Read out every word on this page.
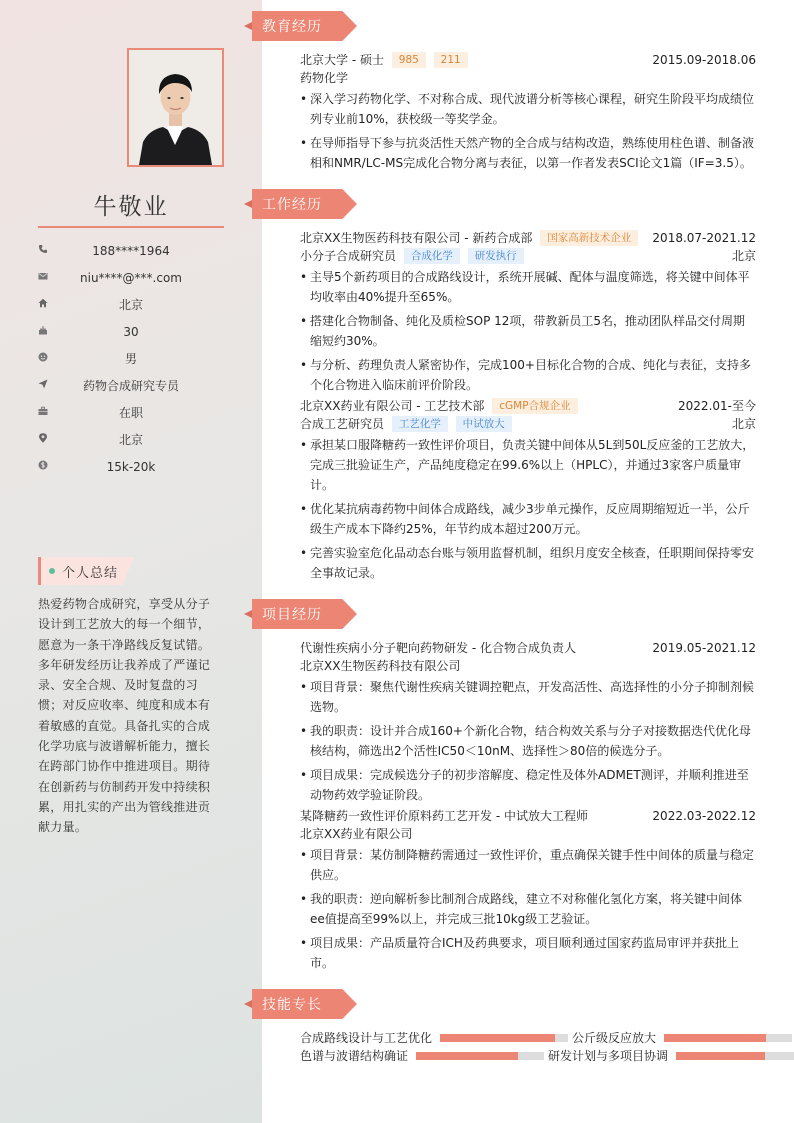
牛敬业
188****1964
niu****@***.com
北京
30
男
药物合成研究专员
在职
北京
15k-20k
个人总结
热爱药物合成研究，享受从分子设计到工艺放大的每一个细节，愿意为一条干净路线反复试错。多年研发经历让我养成了严谨记录、安全合规、及时复盘的习惯；对反应收率、纯度和成本有着敏感的直觉。具备扎实的合成化学功底与波谱解析能力，擅长在跨部门协作中推进项目。期待在创新药与仿制药开发中持续积累，用扎实的产出为管线推进贡献力量。
教育经历
北京大学 - 硕士 985 211	2015.09-2018.06
药物化学
• 深入学习药物化学、不对称合成、现代波谱分析等核心课程，研究生阶段平均成绩位列专业前10%，获校级一等奖学金。
• 在导师指导下参与抗炎活性天然产物的全合成与结构改造，熟练使用柱色谱、制备液相和NMR/LC-MS完成化合物分离与表征，以第一作者发表SCI论文1篇（IF=3.5）。
工作经历
北京XX生物医药科技有限公司 - 新药合成部 国家高新技术企业 2018.07-2021.12
小分子合成研究员 合成化学 研发执行	北京
• 主导5个新药项目的合成路线设计，系统开展碱、配体与温度筛选，将关键中间体平均收率由40%提升至65%。
• 搭建化合物制备、纯化及质检SOP 12项，带教新员工5名，推动团队样品交付周期缩短约30%。
• 与分析、药理负责人紧密协作，完成100+目标化合物的合成、纯化与表征，支持多个化合物进入临床前评价阶段。
北京XX药业有限公司 - 工艺技术部 cGMP合规企业	2022.01-至今
合成工艺研究员 工艺化学 中试放大	北京
• 承担某口服降糖药一致性评价项目，负责关键中间体从5L到50L反应釜的工艺放大，完成三批验证生产，产品纯度稳定在99.6%以上（HPLC），并通过3家客户质量审计。
• 优化某抗病毒药物中间体合成路线，减少3步单元操作，反应周期缩短近一半，公斤级生产成本下降约25%，年节约成本超过200万元。
• 完善实验室危化品动态台账与领用监督机制，组织月度安全核查，任职期间保持零安全事故记录。
项目经历
代谢性疾病小分子靶向药物研发 - 化合物合成负责人	2019.05-2021.12
北京XX生物医药科技有限公司
• 项目背景：聚焦代谢性疾病关键调控靶点，开发高活性、高选择性的小分子抑制剂候选物。
• 我的职责：设计并合成160+个新化合物，结合构效关系与分子对接数据迭代优化母核结构，筛选出2个活性IC50＜10nM、选择性＞80倍的候选分子。
• 项目成果：完成候选分子的初步溶解度、稳定性及体外ADMET测评，并顺利推进至动物药效学验证阶段。
某降糖药一致性评价原料药工艺开发 - 中试放大工程师	2022.03-2022.12
北京XX药业有限公司
• 项目背景：某仿制降糖药需通过一致性评价，重点确保关键手性中间体的质量与稳定供应。
• 我的职责：逆向解析参比制剂合成路线，建立不对称催化氢化方案，将关键中间体ee值提高至99%以上，并完成三批10kg级工艺验证。
• 项目成果：产品质量符合ICH及药典要求，项目顺利通过国家药监局审评并获批上市。
技能专长
合成路线设计与工艺优化	公斤级反应放大
色谱与波谱结构确证	研发计划与多项目协调
